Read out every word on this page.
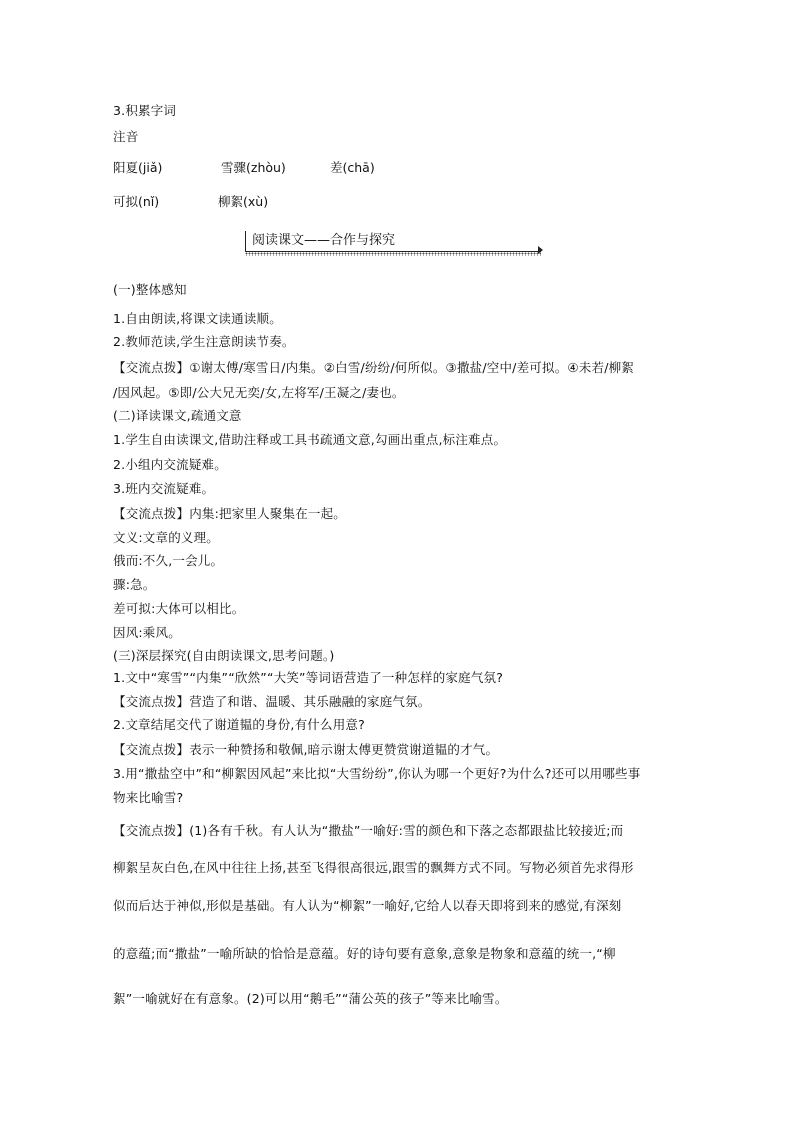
3.积累字词
注音
阳夏(jiǎ)	雪骤(zhòu)	差(chā)
可拟(nǐ)	柳絮(xù)
阅读课文——合作与探究
(一)整体感知
1.自由朗读,将课文读通读顺。
2.教师范读,学生注意朗读节奏。
【交流点拨】①谢太傅/寒雪日/内集。②白雪/纷纷/何所似。③撒盐/空中/差可拟。④未若/柳絮
/因风起。⑤即/公大兄无奕/女,左将军/王凝之/妻也。
(二)译读课文,疏通文意
1.学生自由读课文,借助注释或工具书疏通文意,勾画出重点,标注难点。
2.小组内交流疑难。
3.班内交流疑难。
【交流点拨】内集:把家里人聚集在一起。
文义:文章的义理。
俄而:不久,一会儿。
骤:急。
差可拟:大体可以相比。
因风:乘风。
(三)深层探究(自由朗读课文,思考问题。)
1.文中“寒雪”“内集”“欣然”“大笑”等词语营造了一种怎样的家庭气氛?
【交流点拨】营造了和谐、温暖、其乐融融的家庭气氛。
2.文章结尾交代了谢道韫的身份,有什么用意?
【交流点拨】表示一种赞扬和敬佩,暗示谢太傅更赞赏谢道韫的才气。
3.用“撒盐空中”和“柳絮因风起”来比拟“大雪纷纷”,你认为哪一个更好?为什么?还可以用哪些事
物来比喻雪?
【交流点拨】(1)各有千秋。有人认为“撒盐”一喻好:雪的颜色和下落之态都跟盐比较接近;而
柳絮呈灰白色,在风中往往上扬,甚至飞得很高很远,跟雪的飘舞方式不同。写物必须首先求得形
似而后达于神似,形似是基础。有人认为“柳絮”一喻好,它给人以春天即将到来的感觉,有深刻
的意蕴;而“撒盐”一喻所缺的恰恰是意蕴。好的诗句要有意象,意象是物象和意蕴的统一,“柳
絮”一喻就好在有意象。(2)可以用“鹅毛”“蒲公英的孩子”等来比喻雪。
